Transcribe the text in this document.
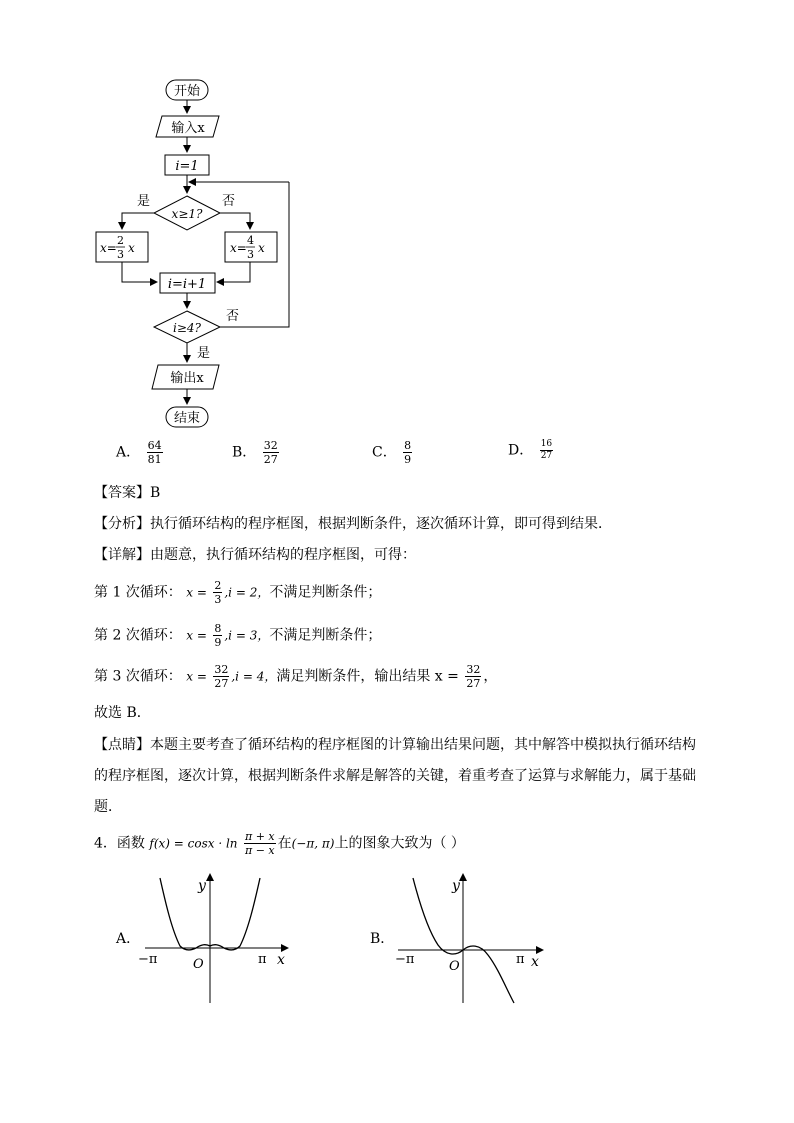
开始
输入x
i=1
x≥1?
是	否
x=
2
3 x	x=
4
3 x
i=i+1
i≥4?
否
是
输出x
结束
A． $\frac{64}{81}$	B． $\frac{32}{27}$	C． $\frac{8}{9}$	D． $\frac{16}{27}$
【答案】B
【分析】执行循环结构的程序框图，根据判断条件，逐次循环计算，即可得到结果．
【详解】由题意，执行循环结构的程序框图，可得：
第 1 次循环： $x = \frac{2}{3} ,i = 2$，不满足判断条件；
第 2 次循环： $x = \frac{8}{9} ,i = 3$，不满足判断条件；
第 3 次循环： $x = \frac{32}{27} ,i = 4$，满足判断条件，输出结果 $x = \frac{32}{27}$ ，
故选 B．
【点睛】本题主要考查了循环结构的程序框图的计算输出结果问题，其中解答中模拟执行循环结构
的程序框图，逐次计算，根据判断条件求解是解答的关键，着重考查了运算与求解能力，属于基础
题．
4．函数 $f(x) = \cos x \cdot \ln \frac{\pi + x}{\pi - x}$ 在(−π, π)上的图象大致为（ ）
A．
y
x
O
−π	π
B．
y
x
O
−π	π
